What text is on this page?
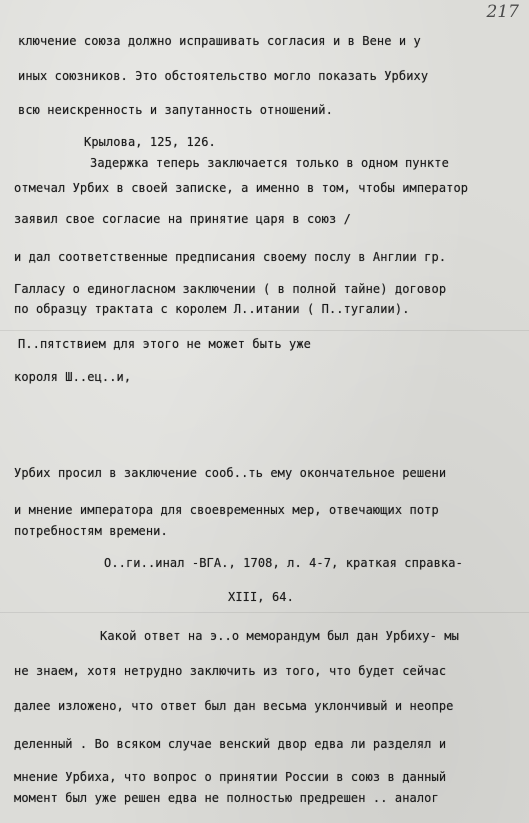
217
ключение союза должно испрашивать согласия и в Вене и у
иных союзников. Это обстоятельство могло показать Урбиху
всю неискренность и запутанность отношений.
Крылова, 125, 126.
Задержка теперь заключается только в одном пункте
отмечал Урбих в своей записке, а именно в том, чтобы император
заявил свое согласие на принятие царя в союз /
и дал соответственные предписания своему послу в Англии гр.
Галласу о единогласном заключении ( в полной тайне) договор
по образцу трактата с королем Л..итании ( П..тугалии).
П..пятствием для этого не может быть уже
короля Ш..ец..и,
Урбих просил в заключение сооб..ть ему окончательное решени
и мнение императора для своевременных мер, отвечающих потр
потребностям времени.
О..ги..инал -ВГА., 1708, л. 4-7, краткая справка-
XIII, 64.
Какой ответ на э..о меморандум был дан Урбиху- мы
не знаем, хотя нетрудно заключить из того, что будет сейчас
далее изложено, что ответ был дан весьма уклончивый и неопре
деленный . Во всяком случае венский двор едва ли разделял и
мнение Урбиха, что вопрос о принятии России в союз в данный
момент был уже решен едва не полностью предрешен .. аналог
